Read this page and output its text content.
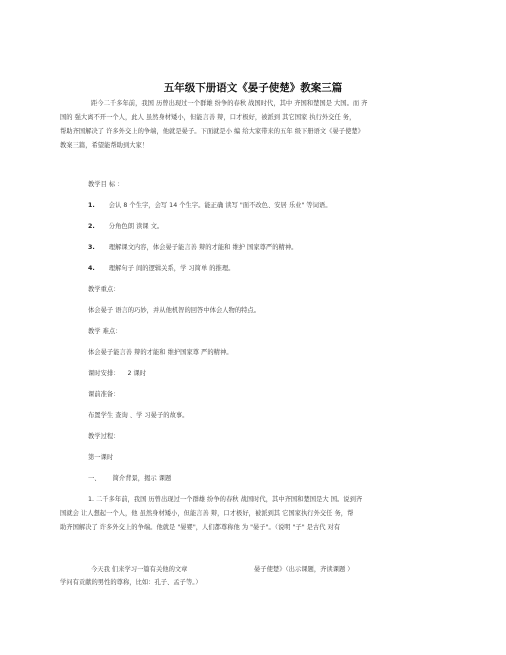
五年级下册语文《晏子使楚》教案三篇
距今二千多年前，我国 历曾出现过一个群雄 纷争的春秋 战国时代，其中 齐国和楚国是 大国。而 齐
国的 强大离不开一个人，此人 虽然身材矮小，但能言善 辩，口才极好，被派到 其它国家 执行外交任 务，
帮助齐国解决了 许多外交上的争端，他就是晏子。下面就是小 编 给大家带来的五年 级下册语文《晏子使楚》
教案三篇，希望能帮助到大家！
教学目 标 ：
1. 会认 8 个生字，会写 14 个生字。能正确 读写 "面不改色、安居 乐业" 等词语。
2. 分角色朗 读课 文。
3. 理解课文内容，体会晏子能言善 辩的才能和 维护 国家尊严的精神。
4. 理解句子 间的逻辑关系，学 习简单 的推理。
教学重点：
体会晏子 语言的巧妙，并从他机智的回答中体会人物的特点。
教学 难点：
体会晏子能言善 辩的才能和 维护国家尊 严的精神。
课时安排： 2 课时
课前准备：
布置学生 查询 、学 习晏子的故事。
教学过程：
第一课时
一、 简介背景，揭示 课题
1. 二千多年前，我国 历曾出现过一个群雄 纷争的春秋 战国时代，其中齐国和楚国是大 国。说到齐
国就会 让人想起一个人，他 虽然身材矮小，但能言善 辩，口才极好，被派到其 它国家执行外交任 务，帮
助齐国解决了 许多外交上的争端。他就是 "晏婴"，人们都尊称他 为 "晏子"。（说明 "子" 是古代 对有
今天我 们来学习一篇有关他的文章	晏子使楚》（出示课题，齐读课题 ）
学问有贡献的男性的尊称，比如：孔子、孟子等。）
